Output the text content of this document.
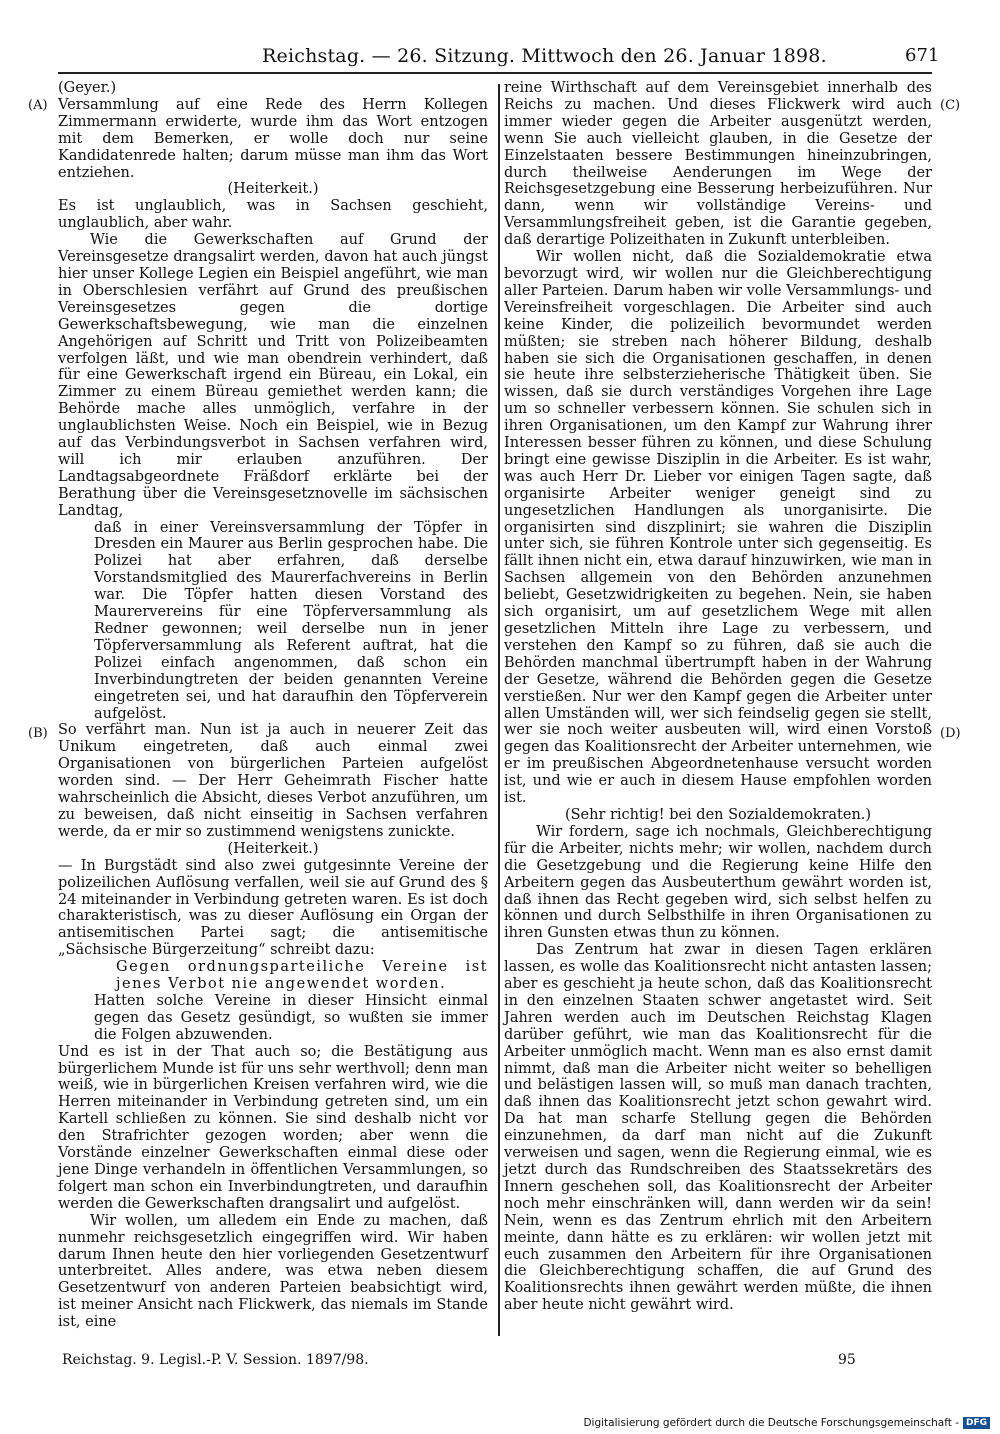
Reichstag. — 26. Sitzung. Mittwoch den 26. Januar 1898.	671
(A)
(B)
(C)
(D)

(Geyer.)

Versammlung auf eine Rede des Herrn Kollegen Zimmermann erwiderte, wurde ihm das Wort entzogen mit dem Bemerken, er wolle doch nur seine Kandidatenrede halten; darum müsse man ihm das Wort entziehen.

(Heiterkeit.)

Es ist unglaublich, was in Sachsen geschieht, unglaublich, aber wahr.

Wie die Gewerkschaften auf Grund der Vereinsgesetze drangsalirt werden, davon hat auch jüngst hier unser Kollege Legien ein Beispiel angeführt, wie man in Oberschlesien verfährt auf Grund des preußischen Vereinsgesetzes gegen die dortige Gewerkschaftsbewegung, wie man die einzelnen Angehörigen auf Schritt und Tritt von Polizeibeamten verfolgen läßt, und wie man obendrein verhindert, daß für eine Gewerkschaft irgend ein Büreau, ein Lokal, ein Zimmer zu einem Büreau gemiethet werden kann; die Behörde mache alles unmöglich, verfahre in der unglaublichsten Weise. Noch ein Beispiel, wie in Bezug auf das Verbindungsverbot in Sachsen verfahren wird, will ich mir erlauben anzuführen. Der Landtagsabgeordnete Fräßdorf erklärte bei der Berathung über die Vereinsgesetznovelle im sächsischen Landtag,

daß in einer Vereinsversammlung der Töpfer in Dresden ein Maurer aus Berlin gesprochen habe. Die Polizei hat aber erfahren, daß derselbe Vorstandsmitglied des Maurerfachvereins in Berlin war. Die Töpfer hatten diesen Vorstand des Maurervereins für eine Töpferversammlung als Redner gewonnen; weil derselbe nun in jener Töpferversammlung als Referent auftrat, hat die Polizei einfach angenommen, daß schon ein Inverbindungtreten der beiden genannten Vereine eingetreten sei, und hat daraufhin den Töpferverein aufgelöst.

So verfährt man. Nun ist ja auch in neuerer Zeit das Unikum eingetreten, daß auch einmal zwei Organisationen von bürgerlichen Parteien aufgelöst worden sind. — Der Herr Geheimrath Fischer hatte wahrscheinlich die Absicht, dieses Verbot anzuführen, um zu beweisen, daß nicht einseitig in Sachsen verfahren werde, da er mir so zustimmend wenigstens zunickte.

(Heiterkeit.)

— In Burgstädt sind also zwei gutgesinnte Vereine der polizeilichen Auflösung verfallen, weil sie auf Grund des § 24 miteinander in Verbindung getreten waren. Es ist doch charakteristisch, was zu dieser Auflösung ein Organ der antisemitischen Partei sagt; die antisemitische „Sächsische Bürgerzeitung“ schreibt dazu:

Gegen ordnungsparteiliche Vereine ist jenes Verbot nie angewendet worden.

Hatten solche Vereine in dieser Hinsicht einmal gegen das Gesetz gesündigt, so wußten sie immer die Folgen abzuwenden.

Und es ist in der That auch so; die Bestätigung aus bürgerlichem Munde ist für uns sehr werthvoll; denn man weiß, wie in bürgerlichen Kreisen verfahren wird, wie die Herren miteinander in Verbindung getreten sind, um ein Kartell schließen zu können. Sie sind deshalb nicht vor den Strafrichter gezogen worden; aber wenn die Vorstände einzelner Gewerkschaften einmal diese oder jene Dinge verhandeln in öffentlichen Versammlungen, so folgert man schon ein Inverbindungtreten, und daraufhin werden die Gewerkschaften drangsalirt und aufgelöst.

Wir wollen, um alledem ein Ende zu machen, daß nunmehr reichsgesetzlich eingegriffen wird. Wir haben darum Ihnen heute den hier vorliegenden Gesetzentwurf unterbreitet. Alles andere, was etwa neben diesem Gesetzentwurf von anderen Parteien beabsichtigt wird, ist meiner Ansicht nach Flickwerk, das niemals im Stande ist, eine

reine Wirthschaft auf dem Vereinsgebiet innerhalb des Reichs zu machen. Und dieses Flickwerk wird auch immer wieder gegen die Arbeiter ausgenützt werden, wenn Sie auch vielleicht glauben, in die Gesetze der Einzelstaaten bessere Bestimmungen hineinzubringen, durch theilweise Aenderungen im Wege der Reichsgesetzgebung eine Besserung herbeizuführen. Nur dann, wenn wir vollständige Vereins- und Versammlungsfreiheit geben, ist die Garantie gegeben, daß derartige Polizeithaten in Zukunft unterbleiben.

Wir wollen nicht, daß die Sozialdemokratie etwa bevorzugt wird, wir wollen nur die Gleichberechtigung aller Parteien. Darum haben wir volle Versammlungs- und Vereinsfreiheit vorgeschlagen. Die Arbeiter sind auch keine Kinder, die polizeilich bevormundet werden müßten; sie streben nach höherer Bildung, deshalb haben sie sich die Organisationen geschaffen, in denen sie heute ihre selbsterzieherische Thätigkeit üben. Sie wissen, daß sie durch verständiges Vorgehen ihre Lage um so schneller verbessern können. Sie schulen sich in ihren Organisationen, um den Kampf zur Wahrung ihrer Interessen besser führen zu können, und diese Schulung bringt eine gewisse Disziplin in die Arbeiter. Es ist wahr, was auch Herr Dr. Lieber vor einigen Tagen sagte, daß organisirte Arbeiter weniger geneigt sind zu ungesetzlichen Handlungen als unorganisirte. Die organisirten sind diszplinirt; sie wahren die Disziplin unter sich, sie führen Kontrole unter sich gegenseitig. Es fällt ihnen nicht ein, etwa darauf hinzuwirken, wie man in Sachsen allgemein von den Behörden anzunehmen beliebt, Gesetzwidrigkeiten zu begehen. Nein, sie haben sich organisirt, um auf gesetzlichem Wege mit allen gesetzlichen Mitteln ihre Lage zu verbessern, und verstehen den Kampf so zu führen, daß sie auch die Behörden manchmal übertrumpft haben in der Wahrung der Gesetze, während die Behörden gegen die Gesetze verstießen. Nur wer den Kampf gegen die Arbeiter unter allen Umständen will, wer sich feindselig gegen sie stellt, wer sie noch weiter ausbeuten will, wird einen Vorstoß gegen das Koalitionsrecht der Arbeiter unternehmen, wie er im preußischen Abgeordnetenhause versucht worden ist, und wie er auch in diesem Hause empfohlen worden ist.

(Sehr richtig! bei den Sozialdemokraten.)

Wir fordern, sage ich nochmals, Gleichberechtigung für die Arbeiter, nichts mehr; wir wollen, nachdem durch die Gesetzgebung und die Regierung keine Hilfe den Arbeitern gegen das Ausbeuterthum gewährt worden ist, daß ihnen das Recht gegeben wird, sich selbst helfen zu können und durch Selbsthilfe in ihren Organisationen zu ihren Gunsten etwas thun zu können.

Das Zentrum hat zwar in diesen Tagen erklären lassen, es wolle das Koalitionsrecht nicht antasten lassen; aber es geschieht ja heute schon, daß das Koalitionsrecht in den einzelnen Staaten schwer angetastet wird. Seit Jahren werden auch im Deutschen Reichstag Klagen darüber geführt, wie man das Koalitionsrecht für die Arbeiter unmöglich macht. Wenn man es also ernst damit nimmt, daß man die Arbeiter nicht weiter so behelligen und belästigen lassen will, so muß man danach trachten, daß ihnen das Koalitionsrecht jetzt schon gewahrt wird. Da hat man scharfe Stellung gegen die Behörden einzunehmen, da darf man nicht auf die Zukunft verweisen und sagen, wenn die Regierung einmal, wie es jetzt durch das Rundschreiben des Staatssekretärs des Innern geschehen soll, das Koalitionsrecht der Arbeiter noch mehr einschränken will, dann werden wir da sein! Nein, wenn es das Zentrum ehrlich mit den Arbeitern meinte, dann hätte es zu erklären: wir wollen jetzt mit euch zusammen den Arbeitern für ihre Organisationen die Gleichberechtigung schaffen, die auf Grund des Koalitionsrechts ihnen gewährt werden müßte, die ihnen aber heute nicht gewährt wird.

Reichstag. 9. Legisl.-P. V. Session. 1897/98.	95
Digitalisierung gefördert durch die Deutsche Forschungsgemeinschaft - DFG
